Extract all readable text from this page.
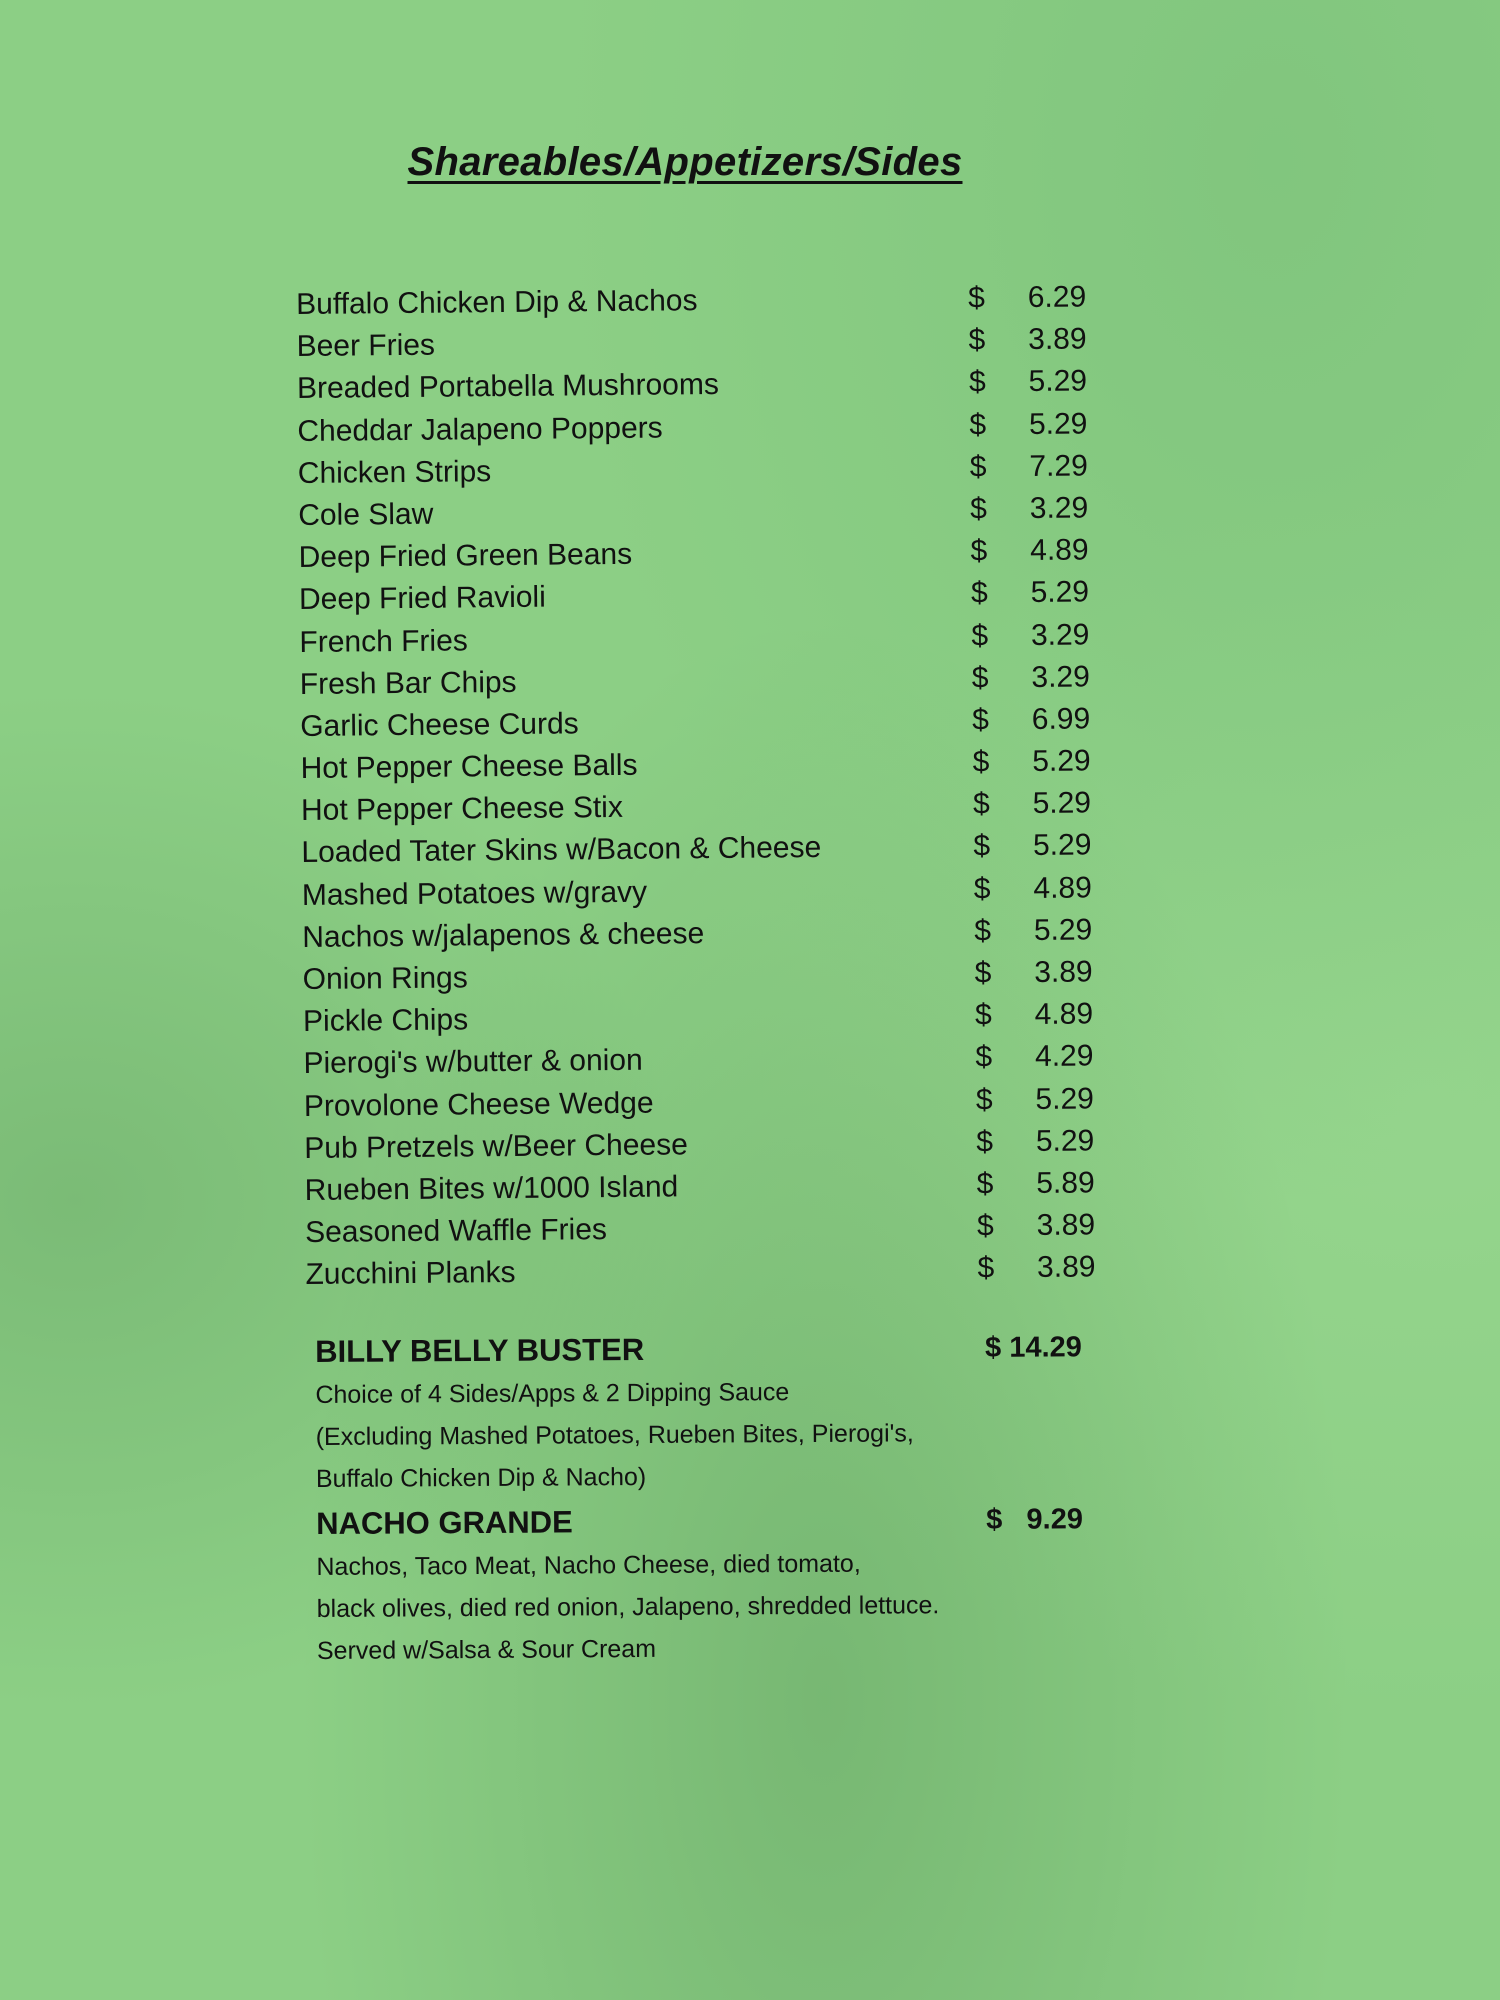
Shareables/Appetizers/Sides
Buffalo Chicken Dip & Nachos	$	6.29
Beer Fries	$	3.89
Breaded Portabella Mushrooms	$	5.29
Cheddar Jalapeno Poppers	$	5.29
Chicken Strips	$	7.29
Cole Slaw	$	3.29
Deep Fried Green Beans	$	4.89
Deep Fried Ravioli	$	5.29
French Fries	$	3.29
Fresh Bar Chips	$	3.29
Garlic Cheese Curds	$	6.99
Hot Pepper Cheese Balls	$	5.29
Hot Pepper Cheese Stix	$	5.29
Loaded Tater Skins w/Bacon & Cheese	$	5.29
Mashed Potatoes w/gravy	$	4.89
Nachos w/jalapenos & cheese	$	5.29
Onion Rings	$	3.89
Pickle Chips	$	4.89
Pierogi's w/butter & onion	$	4.29
Provolone Cheese Wedge	$	5.29
Pub Pretzels w/Beer Cheese	$	5.29
Rueben Bites w/1000 Island	$	5.89
Seasoned Waffle Fries	$	3.89
Zucchini Planks	$	3.89
BILLY BELLY BUSTER	$ 14.29
Choice of 4 Sides/Apps & 2 Dipping Sauce
(Excluding Mashed Potatoes, Rueben Bites, Pierogi's,
Buffalo Chicken Dip & Nacho)
NACHO GRANDE	$   9.29
Nachos, Taco Meat, Nacho Cheese, died tomato,
black olives, died red onion, Jalapeno, shredded lettuce.
Served w/Salsa & Sour Cream
